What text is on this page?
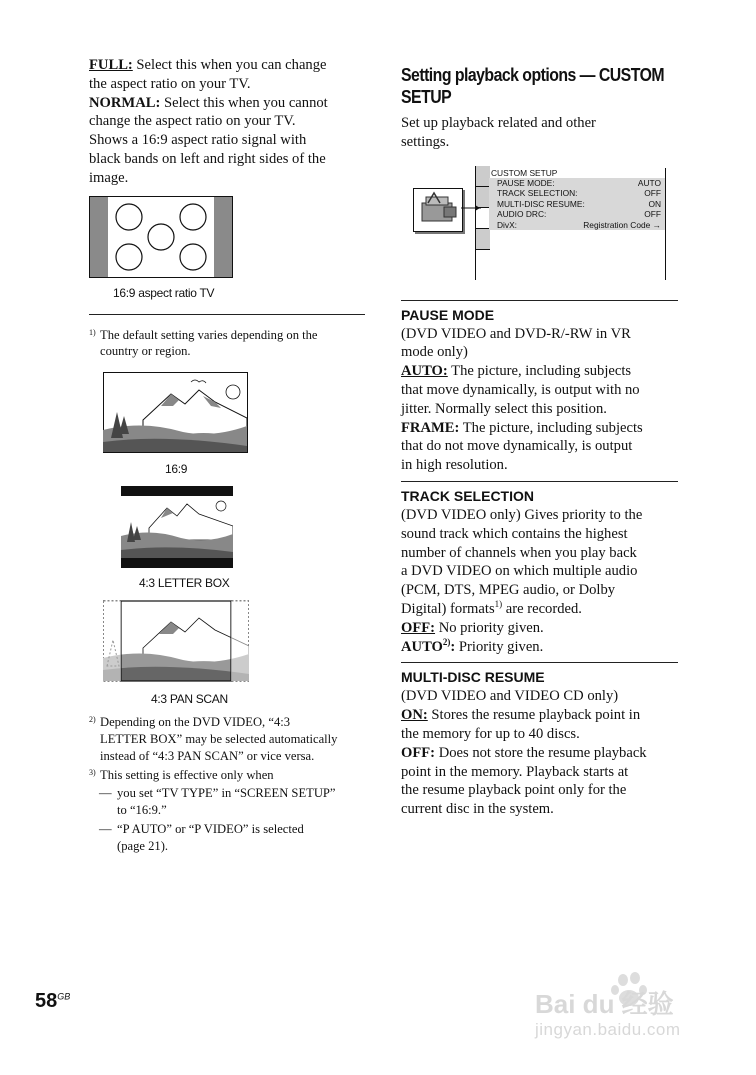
FULL: Select this when you can change
the aspect ratio on your TV.
NORMAL: Select this when you cannot
change the aspect ratio on your TV.
Shows a 16:9 aspect ratio signal with
black bands on left and right sides of the
image.

16:9 aspect ratio TV
1) The default setting varies depending on the
country or region.
16:9
4:3 LETTER BOX
4:3 PAN SCAN
2) Depending on the DVD VIDEO, “4:3
LETTER BOX” may be selected automatically
instead of “4:3 PAN SCAN” or vice versa.
3) This setting is effective only when
— you set “TV TYPE” in “SCREEN SETUP”
to “16:9.”
— “P AUTO” or “P VIDEO” is selected
(page 21).
Setting playback options — CUSTOM
SETUP

Set up playback related and other
settings.

CUSTOM SETUP
PAUSE MODE:	AUTO
TRACK SELECTION:	OFF
MULTI-DISC RESUME:	ON
AUDIO DRC:	OFF
DivX:	Registration Code →
PAUSE MODE

(DVD VIDEO and DVD-R/-RW in VR
mode only)
AUTO: The picture, including subjects
that move dynamically, is output with no
jitter. Normally select this position.
FRAME: The picture, including subjects
that do not move dynamically, is output
in high resolution.

TRACK SELECTION

(DVD VIDEO only) Gives priority to the
sound track which contains the highest
number of channels when you play back
a DVD VIDEO on which multiple audio
(PCM, DTS, MPEG audio, or Dolby
Digital) formats$^{1)}$ are recorded.
OFF: No priority given.
AUTO$^{2)}$: Priority given.

MULTI-DISC RESUME

(DVD VIDEO and VIDEO CD only)
ON: Stores the resume playback point in
the memory for up to 40 discs.
OFF: Does not store the resume playback
point in the memory. Playback starts at
the resume playback point only for the
current disc in the system.

$58^{GB}$	Bai du 经验
jingyan.baidu.com
